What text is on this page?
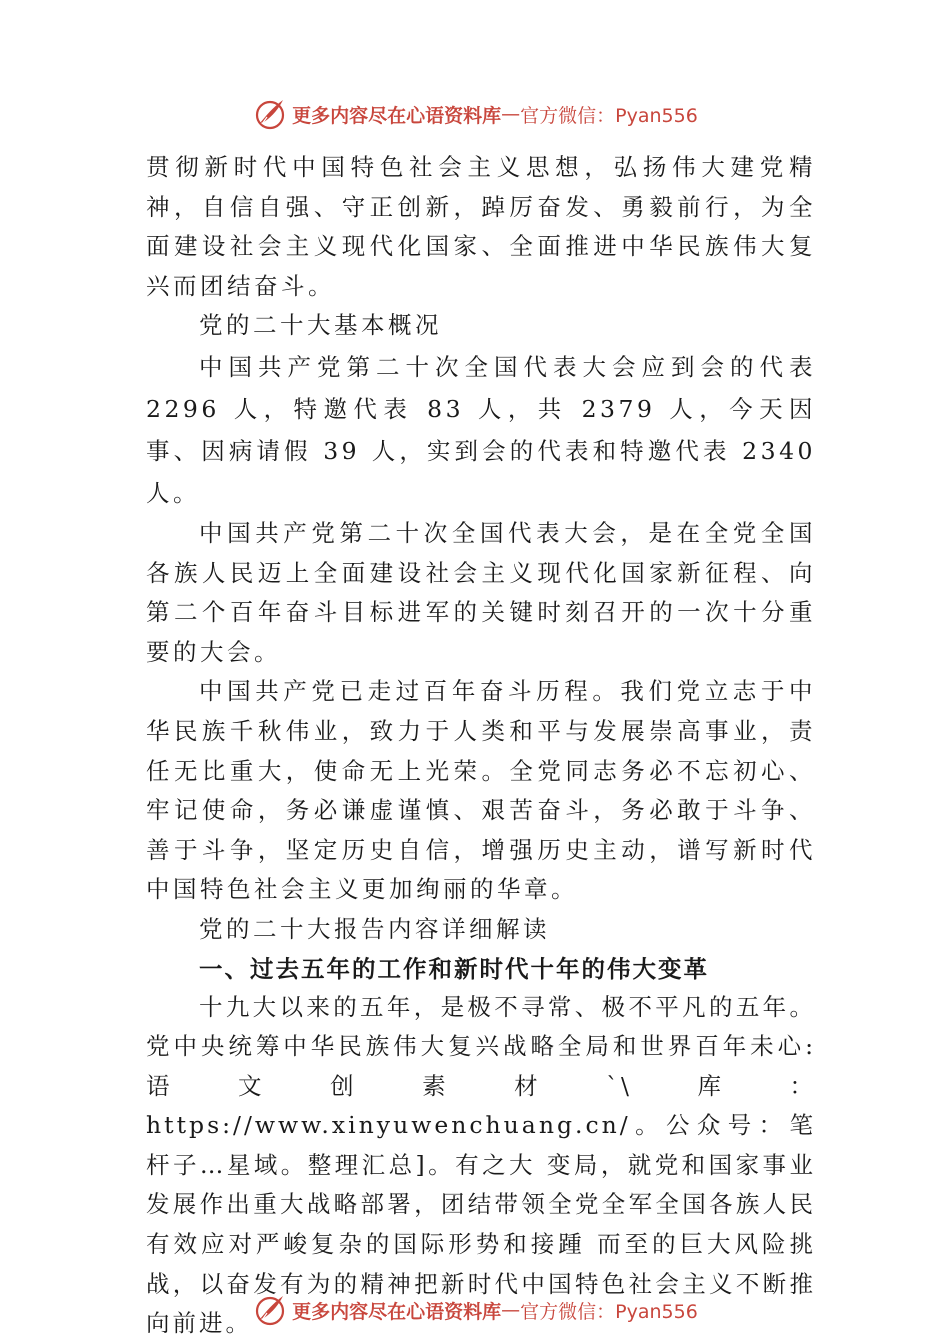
更多内容尽在心语资料库 — 官方微信：Pyan556

贯彻新时代中国特色社会主义思想，弘扬伟大建党精神，自信自强、守正创新，踔厉奋发、勇毅前行，为全面建设社会主义现代化国家、全面推进中华民族伟大复兴而团结奋斗。

党的二十大基本概况

中国共产党第二十次全国代表大会应到会的代表 2296 人，特邀代表 83 人，共 2379 人，今天因事、因病请假 39 人，实到会的代表和特邀代表 2340 人。

中国共产党第二十次全国代表大会，是在全党全国各族人民迈上全面建设社会主义现代化国家新征程、向第二个百年奋斗目标进军的关键时刻召开的一次十分重要的大会。

中国共产党已走过百年奋斗历程。我们党立志于中华民族千秋伟业，致力于人类和平与发展崇高事业，责任无比重大，使命无上光荣。全党同志务必不忘初心、牢记使命，务必谦虚谨慎、艰苦奋斗，务必敢于斗争、善于斗争，坚定历史自信，增强历史主动，谱写新时代中国特色社会主义更加绚丽的华章。

党的二十大报告内容详细解读

一、过去五年的工作和新时代十年的伟大变革

十九大以来的五年，是极不寻常、极不平凡的五年。党中央统筹中华民族伟大复兴战略全局和世界百年未心:语文创素材`\库：https://www.xinyuwenchuang.cn/。公众号：笔杆子…星域。整理汇总]。有之大 变局，就党和国家事业发展作出重大战略部署，团结带领全党全军全国各族人民有效应对严峻复杂的国际形势和接踵 而至的巨大风险挑战，以奋发有为的精神把新时代中国特色社会主义不断推向前进。	更多内容尽在心语资料库 — 官方微信：Pyan556
